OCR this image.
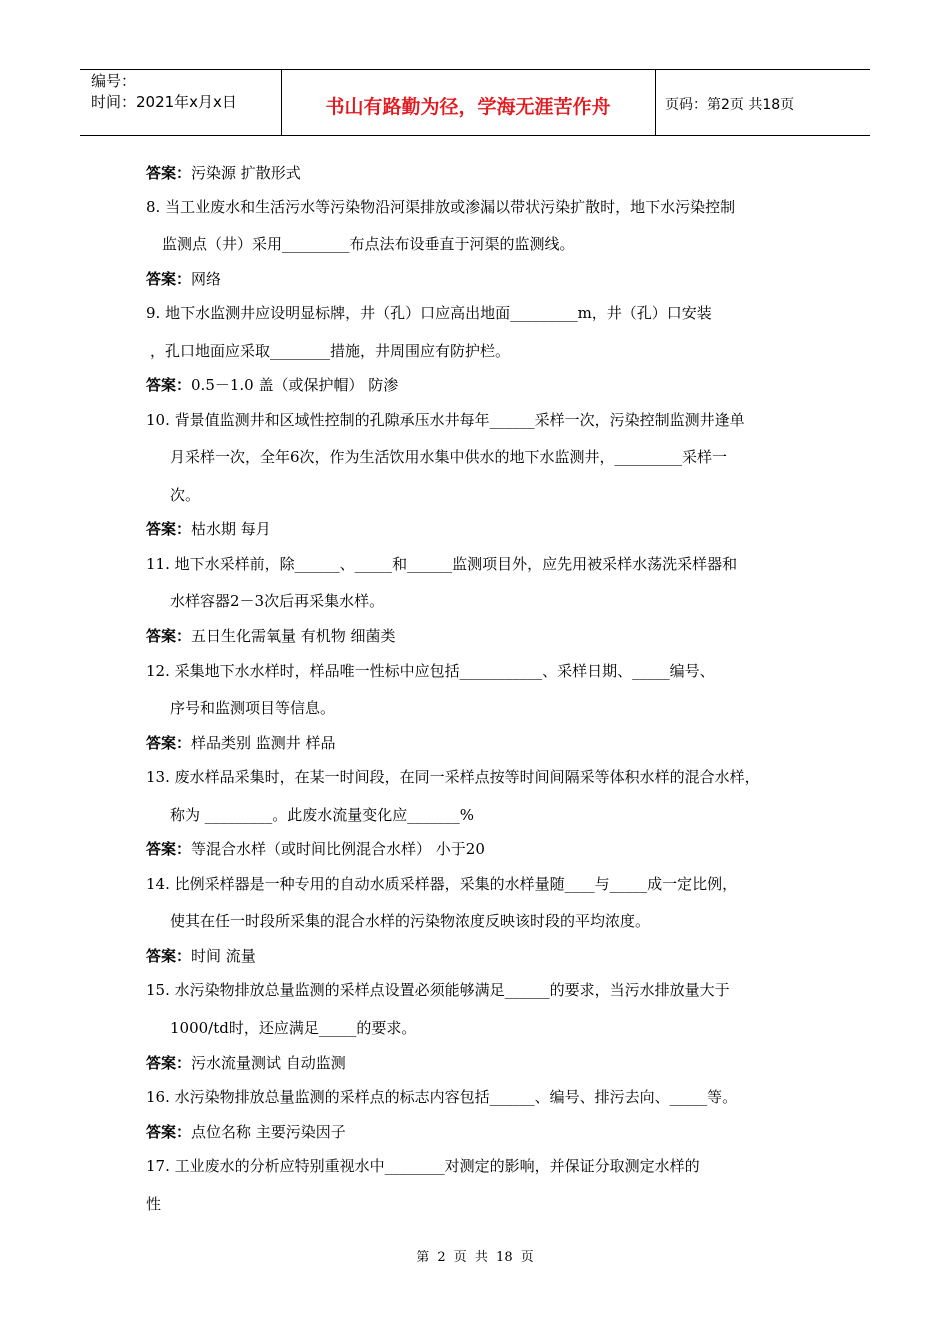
编号：
时间：2021年x月x日	书山有路勤为径，学海无涯苦作舟	页码：第2页 共18页
答案：污染源 扩散形式
8. 当工业废水和生活污水等污染物沿河渠排放或渗漏以带状污染扩散时，地下水污染控制
监测点（井）采用_________布点法布设垂直于河渠的监测线。
答案：网络
9. 地下水监测井应设明显标牌，井（孔）口应高出地面_________m，井（孔）口安装
，孔口地面应采取________措施，井周围应有防护栏。
答案：0.5－1.0 盖（或保护帽） 防渗
10. 背景值监测井和区域性控制的孔隙承压水井每年______采样一次，污染控制监测井逢单
月采样一次，全年6次，作为生活饮用水集中供水的地下水监测井，_________采样一
次。
答案：枯水期 每月
11. 地下水采样前，除______、_____和______监测项目外，应先用被采样水荡洗采样器和
水样容器2－3次后再采集水样。
答案：五日生化需氧量 有机物 细菌类
12. 采集地下水水样时，样品唯一性标中应包括___________、采样日期、_____编号、
序号和监测项目等信息。
答案：样品类别 监测井 样品
13. 废水样品采集时，在某一时间段，在同一采样点按等时间间隔采等体积水样的混合水样，
称为 _________。此废水流量变化应_______%
答案：等混合水样（或时间比例混合水样） 小于20
14. 比例采样器是一种专用的自动水质采样器，采集的水样量随____与_____成一定比例，
使其在任一时段所采集的混合水样的污染物浓度反映该时段的平均浓度。
答案：时间 流量
15. 水污染物排放总量监测的采样点设置必须能够满足______的要求，当污水排放量大于
1000/td时，还应满足_____的要求。
答案：污水流量测试 自动监测
16. 水污染物排放总量监测的采样点的标志内容包括______、编号、排污去向、_____等。
答案：点位名称 主要污染因子
17. 工业废水的分析应特别重视水中________对测定的影响，并保证分取测定水样的
性
第 2 页 共 18 页
